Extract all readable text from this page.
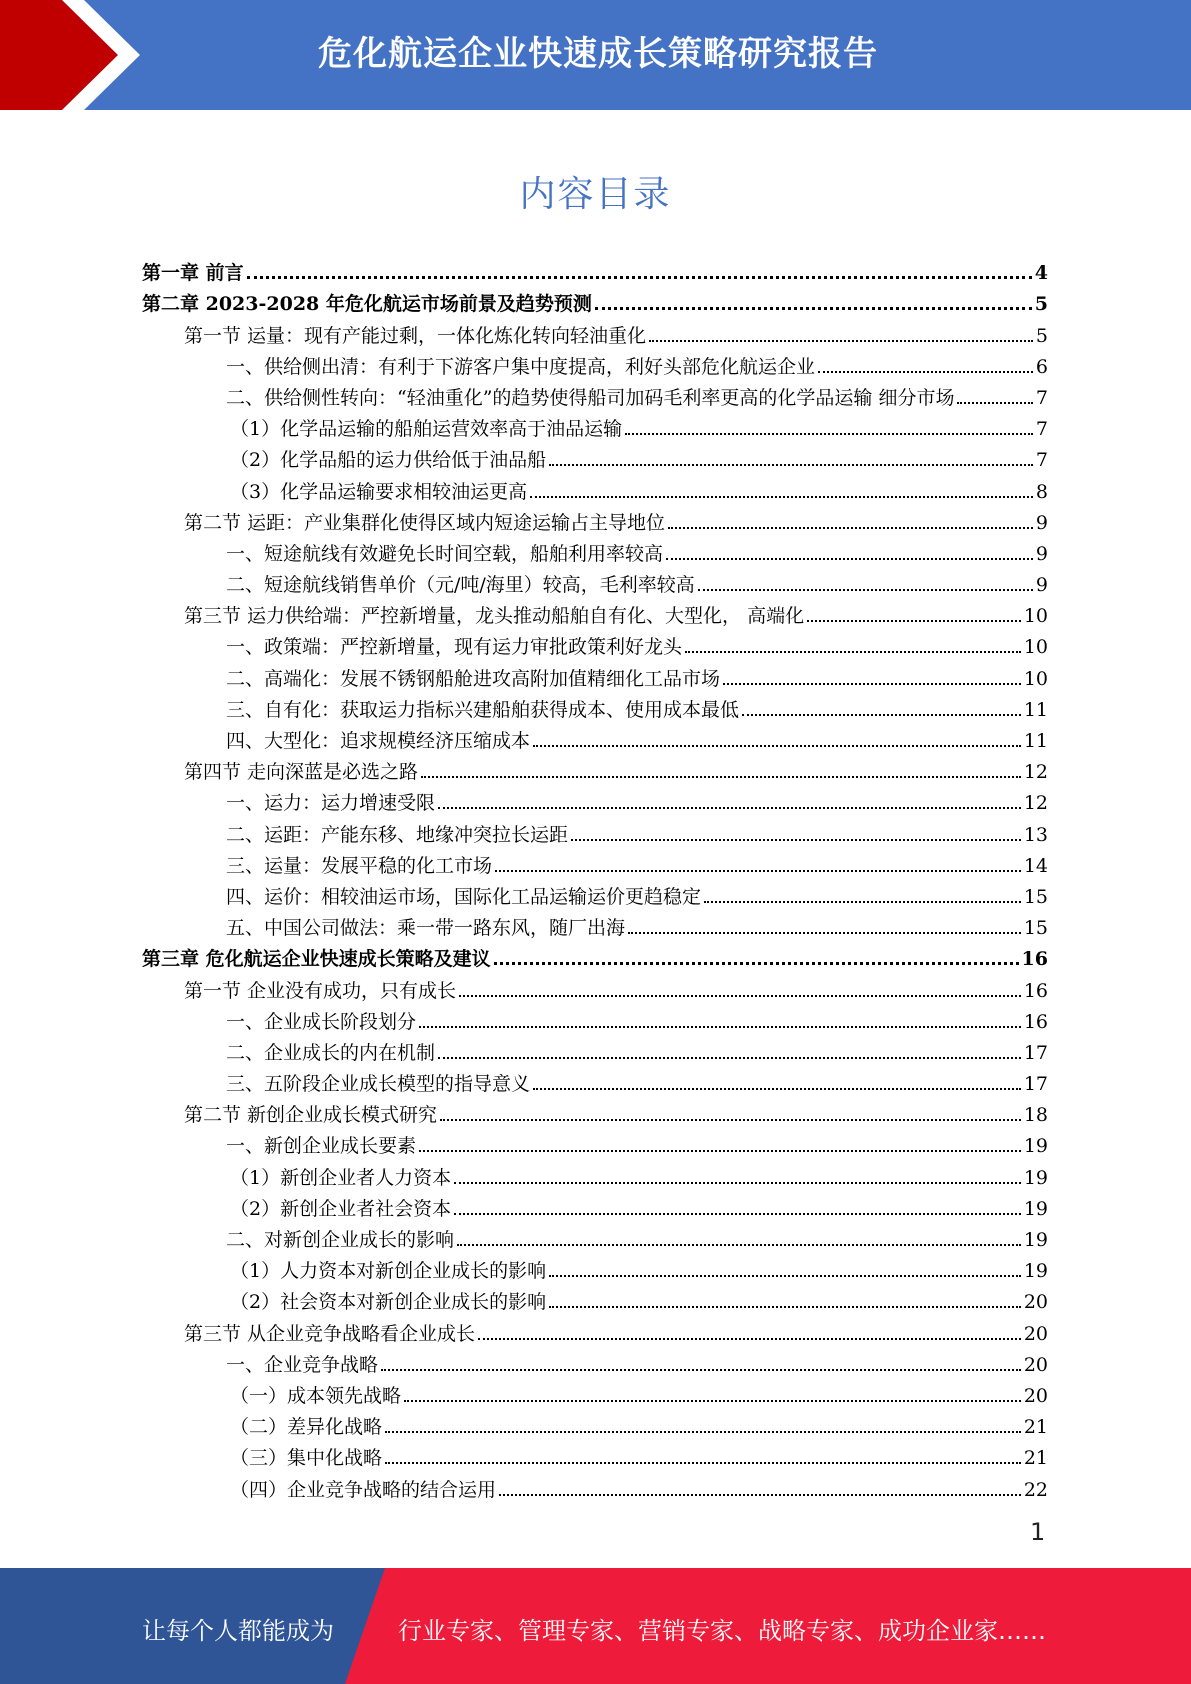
危化航运企业快速成长策略研究报告
内容目录
第一章 前言	4
第二章 2023-2028 年危化航运市场前景及趋势预测	5
第一节 运量：现有产能过剩，一体化炼化转向轻油重化	5
一、供给侧出清：有利于下游客户集中度提高，利好头部危化航运企业	6
二、供给侧性转向：“轻油重化”的趋势使得船司加码毛利率更高的化学品运输 细分市场	7
（1）化学品运输的船舶运营效率高于油品运输	7
（2）化学品船的运力供给低于油品船	7
（3）化学品运输要求相较油运更高	8
第二节 运距：产业集群化使得区域内短途运输占主导地位	9
一、短途航线有效避免长时间空载，船舶利用率较高	9
二、短途航线销售单价（元/吨/海里）较高，毛利率较高	9
第三节 运力供给端：严控新增量，龙头推动船舶自有化、大型化， 高端化	10
一、政策端：严控新增量，现有运力审批政策利好龙头	10
二、高端化：发展不锈钢船舱进攻高附加值精细化工品市场	10
三、自有化：获取运力指标兴建船舶获得成本、使用成本最低	11
四、大型化：追求规模经济压缩成本	11
第四节 走向深蓝是必选之路	12
一、运力：运力增速受限	12
二、运距：产能东移、地缘冲突拉长运距	13
三、运量：发展平稳的化工市场	14
四、运价：相较油运市场，国际化工品运输运价更趋稳定	15
五、中国公司做法：乘一带一路东风，随厂出海	15
第三章 危化航运企业快速成长策略及建议	16
第一节 企业没有成功，只有成长	16
一、企业成长阶段划分	16
二、企业成长的内在机制	17
三、五阶段企业成长模型的指导意义	17
第二节 新创企业成长模式研究	18
一、新创企业成长要素	19
（1）新创企业者人力资本	19
（2）新创企业者社会资本	19
二、对新创企业成长的影响	19
（1）人力资本对新创企业成长的影响	19
（2）社会资本对新创企业成长的影响	20
第三节 从企业竞争战略看企业成长	20
一、企业竞争战略	20
（一）成本领先战略	20
（二）差异化战略	21
（三）集中化战略	21
（四）企业竞争战略的结合运用	22
1
让每个人都能成为	行业专家、管理专家、营销专家、战略专家、成功企业家……
